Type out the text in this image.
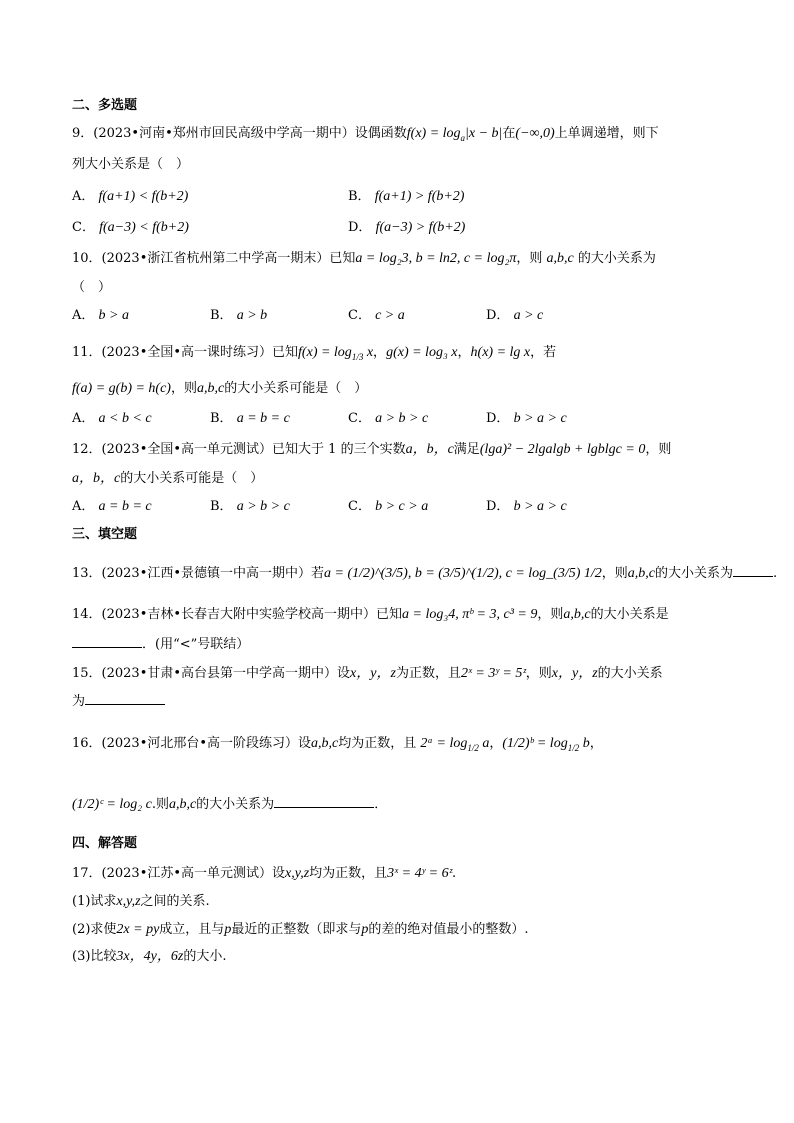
二、多选题
9．(2023•河南•郑州市回民高级中学高一期中）设偶函数$f(x) = \log_a|x - b|$在(−∞,0)上单调递增，则下
列大小关系是（　）
A． f(a+1) < f(b+2)	B． f(a+1) > f(b+2)
C． f(a−3) < f(b+2)	D． f(a−3) > f(b+2)
10．(2023•浙江省杭州第二中学高一期末）已知a = log₂3, b = ln2, c = log₂π，则 a,b,c 的大小关系为
（　）
A． b > a	B． a > b	C． c > a	D． a > c
11．(2023•全国•高一课时练习）已知$f(x) = \log_{1/3} x$，g(x) = log₃ x，h(x) = lg x，若
f(a) = g(b) = h(c)，则a,b,c的大小关系可能是（　）
A． a < b < c	B． a = b = c	C． a > b > c	D． b > a > c
12．(2023•全国•高一单元测试）已知大于 1 的三个实数a，b，c满足(lga)² − 2lgalgb + lgblgc = 0，则
a，b，c的大小关系可能是（　）
A． a = b = c	B． a > b > c	C． b > c > a	D． b > a > c
三、填空题
13．(2023•江西•景德镇一中高一期中）若a = (1/2)^(3/5), b = (3/5)^(1/2), c = log_(3/5) 1/2，则a,b,c的大小关系为	.
14．(2023•吉林•长春吉大附中实验学校高一期中）已知a = log₃4, πᵇ = 3, c³ = 9，则a,b,c的大小关系是
．(用“<”号联结）
15．(2023•甘肃•高台县第一中学高一期中）设x，y，z为正数，且2ˣ = 3ʸ = 5ᶻ，则x，y，z的大小关系
为
16．(2023•河北邢台•高一阶段练习）设a,b,c均为正数，且 2ᵃ = $\log_{1/2} a$，(1/2)ᵇ = $\log_{1/2} b$，
(1/2)ᶜ = log₂ c.则a,b,c的大小关系为	．
四、解答题
17．(2023•江苏•高一单元测试）设x,y,z均为正数，且3ˣ = 4ʸ = 6ᶻ.
(1)试求x,y,z之间的关系.
(2)求使2x = py成立，且与p最近的正整数（即求与p的差的绝对值最小的整数）.
(3)比较3x，4y，6z的大小.
